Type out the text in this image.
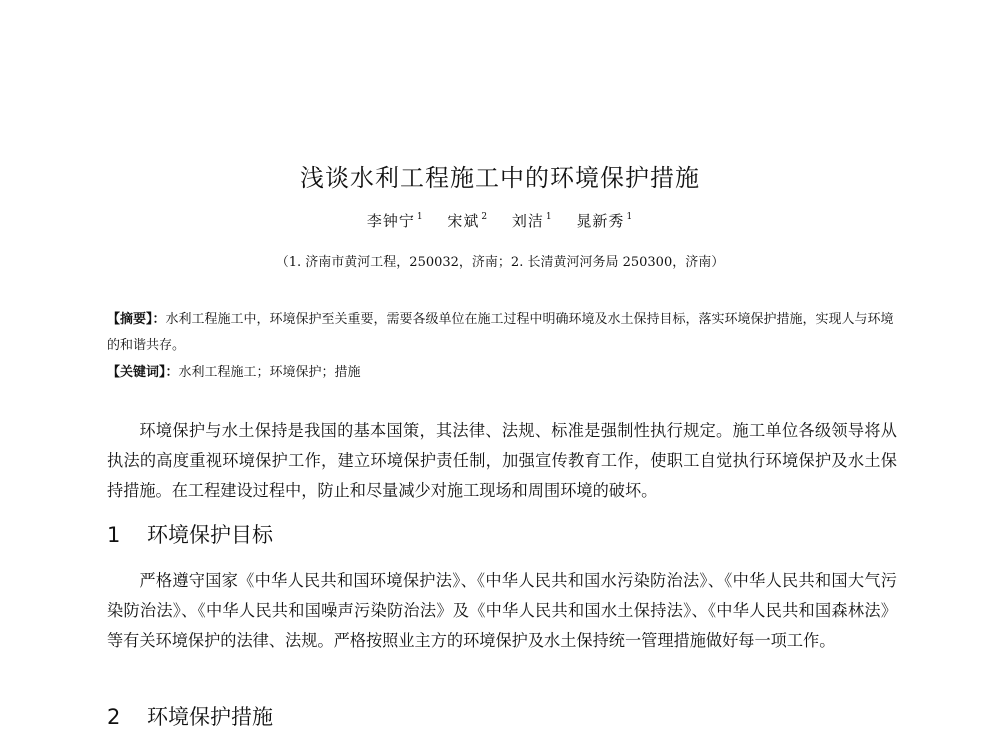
浅谈水利工程施工中的环境保护措施
李钟宁 $^1$ 宋斌 $^2$ 刘洁 $^1$ 晁新秀 $^1$
（1. 济南市黄河工程，250032，济南；2. 长清黄河河务局 250300，济南）

【摘要】：水利工程施工中，环境保护至关重要，需要各级单位在施工过程中明确环境及水土保持目标，落实环境保护措施，实现人与环境的和谐共存。

【关键词】：水利工程施工；环境保护；措施

环境保护与水土保持是我国的基本国策，其法律、法规、标准是强制性执行规定。施工单位各级领导将从执法的高度重视环境保护工作，建立环境保护责任制，加强宣传教育工作，使职工自觉执行环境保护及水土保持措施。在工程建设过程中，防止和尽量减少对施工现场和周围环境的破坏。

1 环境保护目标

严格遵守国家《中华人民共和国环境保护法》、《中华人民共和国水污染防治法》、《中华人民共和国大气污染防治法》、《中华人民共和国噪声污染防治法》及《中华人民共和国水土保持法》、《中华人民共和国森林法》等有关环境保护的法律、法规。严格按照业主方的环境保护及水土保持统一管理措施做好每一项工作。

2 环境保护措施
